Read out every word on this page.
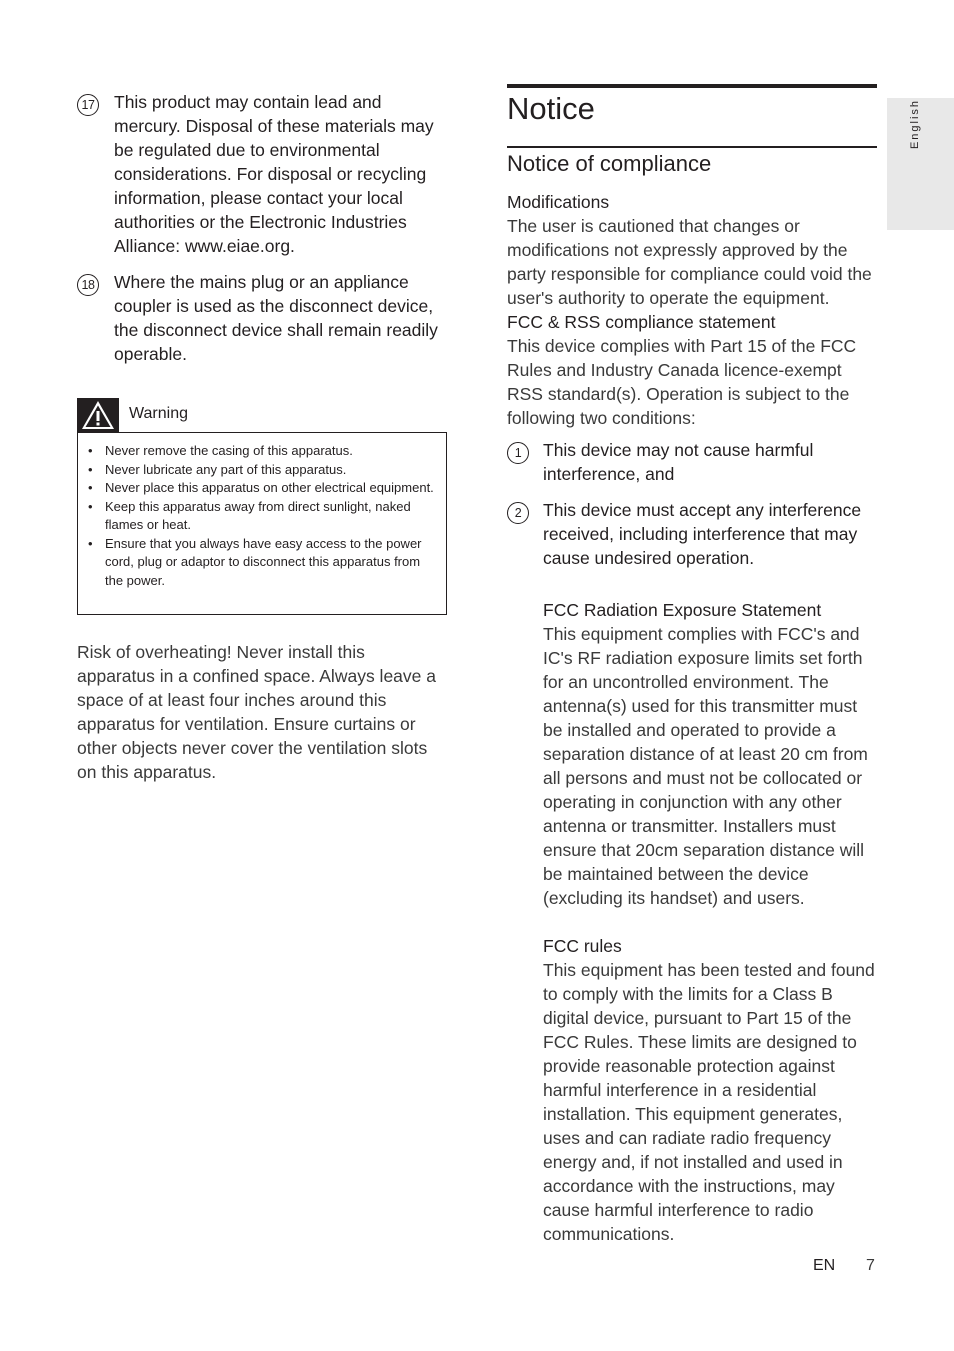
17 This product may contain lead and mercury. Disposal of these materials may be regulated due to environmental considerations. For disposal or recycling information, please contact your local authorities or the Electronic Industries Alliance: www.eiae.org.
18 Where the mains plug or an appliance coupler is used as the disconnect device, the disconnect device shall remain readily operable.
Warning
• Never remove the casing of this apparatus.
• Never lubricate any part of this apparatus.
• Never place this apparatus on other electrical equipment.
• Keep this apparatus away from direct sunlight, naked flames or heat.
• Ensure that you always have easy access to the power cord, plug or adaptor to disconnect this apparatus from the power.
Risk of overheating! Never install this apparatus in a confined space. Always leave a space of at least four inches around this apparatus for ventilation. Ensure curtains or other objects never cover the ventilation slots on this apparatus.
Notice
Notice of compliance
Modifications
The user is cautioned that changes or modifications not expressly approved by the party responsible for compliance could void the user's authority to operate the equipment.
FCC & RSS compliance statement
This device complies with Part 15 of the FCC Rules and Industry Canada licence-exempt RSS standard(s). Operation is subject to the following two conditions:
1	This device may not cause harmful interference, and
2	This device must accept any interference received, including interference that may cause undesired operation.
FCC Radiation Exposure Statement
This equipment complies with FCC's and IC's RF radiation exposure limits set forth for an uncontrolled environment. The antenna(s) used for this transmitter must be installed and operated to provide a separation distance of at least 20 cm from all persons and must not be collocated or operating in conjunction with any other antenna or transmitter. Installers must ensure that 20cm separation distance will be maintained between the device (excluding its handset) and users.
FCC rules
This equipment has been tested and found to comply with the limits for a Class B digital device, pursuant to Part 15 of the FCC Rules. These limits are designed to provide reasonable protection against harmful interference in a residential installation. This equipment generates, uses and can radiate radio frequency energy and, if not installed and used in accordance with the instructions, may cause harmful interference to radio communications.
English
EN 7
